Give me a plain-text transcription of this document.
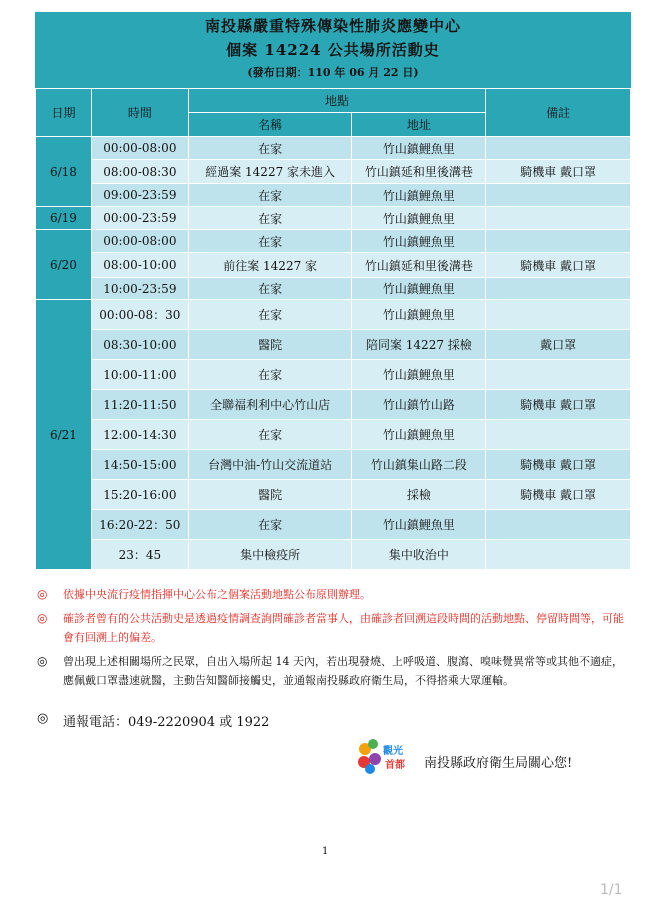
南投縣嚴重特殊傳染性肺炎應變中心
個案 14224 公共場所活動史
(發布日期：110 年 06 月 22 日)
日期	時間	地點		備註
		名稱	地址	
6/18	00:00-08:00	在家	竹山鎮鯉魚里	
	08:00-08:30	經過案 14227 家未進入	竹山鎮延和里後溝巷	騎機車 戴口罩
	09:00-23:59	在家	竹山鎮鯉魚里	
6/19	00:00-23:59	在家	竹山鎮鯉魚里	
6/20	00:00-08:00	在家	竹山鎮鯉魚里	
	08:00-10:00	前往案 14227 家	竹山鎮延和里後溝巷	騎機車 戴口罩
	10:00-23:59	在家	竹山鎮鯉魚里	
6/21	00:00-08：30	在家	竹山鎮鯉魚里	
	08:30-10:00	醫院	陪同案 14227 採檢	戴口罩
	10:00-11:00	在家	竹山鎮鯉魚里	
	11:20-11:50	全聯福利利中心竹山店	竹山鎮竹山路	騎機車 戴口罩
	12:00-14:30	在家	竹山鎮鯉魚里	
	14:50-15:00	台灣中油-竹山交流道站	竹山鎮集山路二段	騎機車 戴口罩
	15:20-16:00	醫院	採檢	騎機車 戴口罩
	16:20-22：50	在家	竹山鎮鯉魚里	
	23：45	集中檢疫所	集中收治中	
◎	依據中央流行疫情指揮中心公布之個案活動地點公布原則辦理。
◎	確診者曾有的公共活動史是透過疫情調查詢問確診者當事人，由確診者回溯這段時間的活動地點、停留時間等，可能會有回溯上的偏差。
◎	曾出現上述相關場所之民眾，自出入場所起 14 天內，若出現發燒、上呼吸道、腹瀉、嗅味覺異常等或其他不適症，應佩戴口罩盡速就醫，主動告知醫師接觸史，並通報南投縣政府衛生局，不得搭乘大眾運輸。
◎	通報電話：049-2220904 或 1922
觀光
首都 南投縣政府衛生局關心您!
1
1/1
